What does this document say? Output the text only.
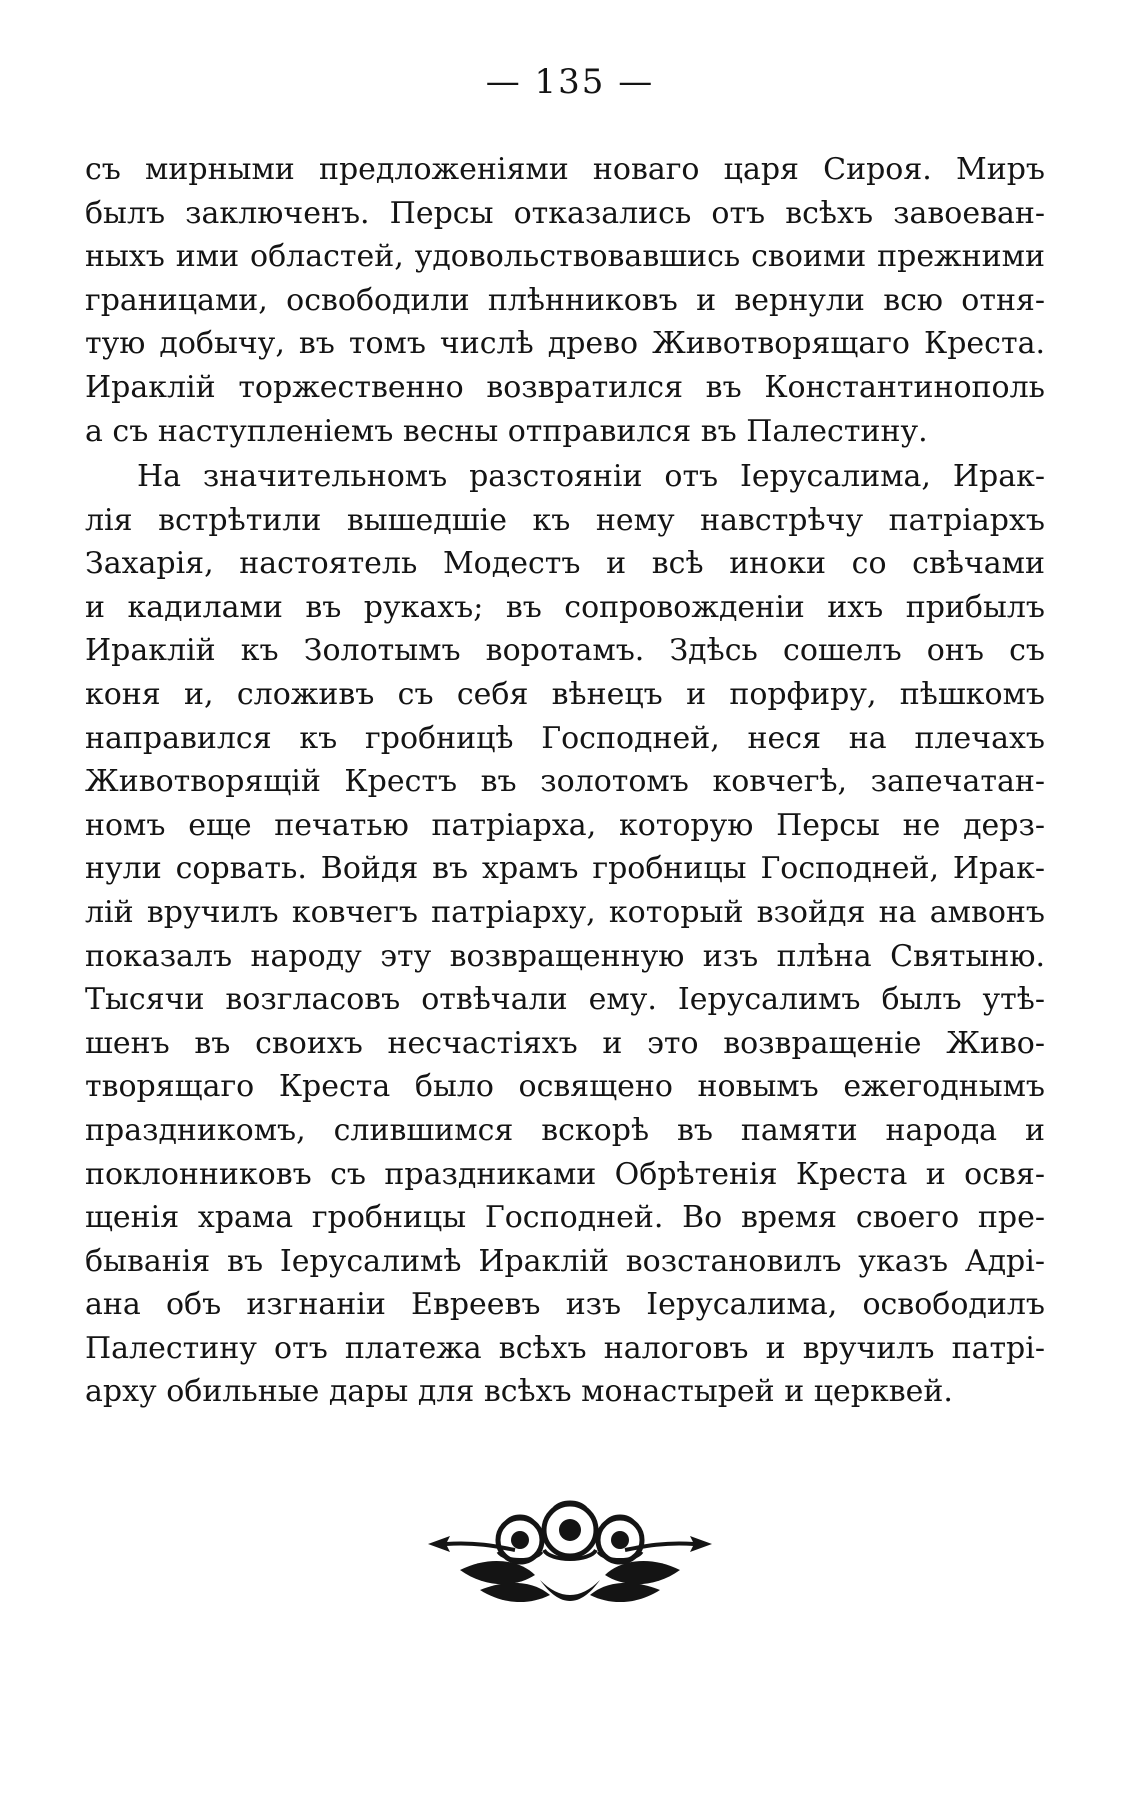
— 135 —
съ мирными предложеніями новаго царя Сироя. Миръ
былъ заключенъ. Персы отказались отъ всѣхъ завоеван-
ныхъ ими областей, удовольствовавшись своими прежними
границами, освободили плѣнниковъ и вернули всю отня-
тую добычу, въ томъ числѣ древо Животворящаго Креста.
Ираклій торжественно возвратился въ Константинополь
а съ наступленіемъ весны отправился въ Палестину.
На значительномъ разстояніи отъ Іерусалима, Ирак-
лія встрѣтили вышедшіе къ нему навстрѣчу патріархъ
Захарія, настоятель Модестъ и всѣ иноки со свѣчами
и кадилами въ рукахъ; въ сопровожденіи ихъ прибылъ
Ираклій къ Золотымъ воротамъ. Здѣсь сошелъ онъ съ
коня и, сложивъ съ себя вѣнецъ и порфиру, пѣшкомъ
направился къ гробницѣ Господней, неся на плечахъ
Животворящій Крестъ въ золотомъ ковчегѣ, запечатан-
номъ еще печатью патріарха, которую Персы не дерз-
нули сорвать. Войдя въ храмъ гробницы Господней, Ирак-
лій вручилъ ковчегъ патріарху, который взойдя на амвонъ
показалъ народу эту возвращенную изъ плѣна Святыню.
Тысячи возгласовъ отвѣчали ему. Іерусалимъ былъ утѣ-
шенъ въ своихъ несчастіяхъ и это возвращеніе Живо-
творящаго Креста было освящено новымъ ежегоднымъ
праздникомъ, слившимся вскорѣ въ памяти народа и
поклонниковъ съ праздниками Обрѣтенія Креста и освя-
щенія храма гробницы Господней. Во время своего пре-
быванія въ Іерусалимѣ Ираклій возстановилъ указъ Адрі-
ана объ изгнаніи Евреевъ изъ Іерусалима, освободилъ
Палестину отъ платежа всѣхъ налоговъ и вручилъ патрі-
арху обильные дары для всѣхъ монастырей и церквей.
